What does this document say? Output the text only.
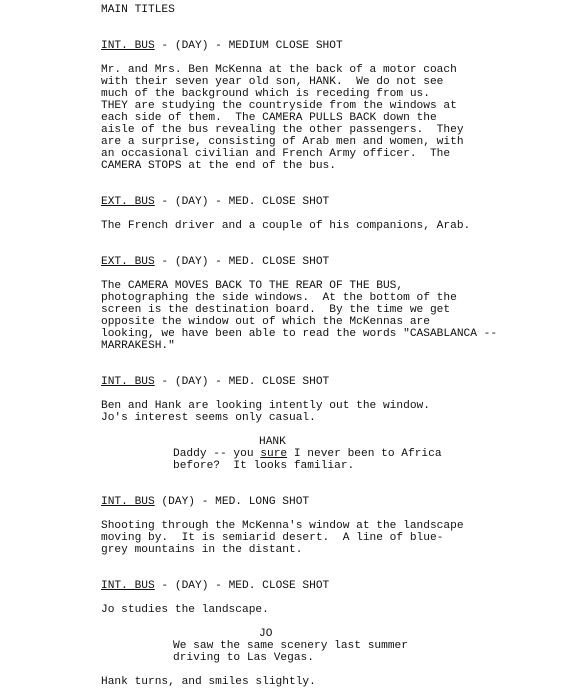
MAIN TITLES
INT. BUS - (DAY) - MEDIUM CLOSE SHOT
Mr. and Mrs. Ben McKenna at the back of a motor coach
with their seven year old son, HANK.  We do not see
much of the background which is receding from us.
THEY are studying the countryside from the windows at
each side of them.  The CAMERA PULLS BACK down the
aisle of the bus revealing the other passengers.  They
are a surprise, consisting of Arab men and women, with
an occasional civilian and French Army officer.  The
CAMERA STOPS at the end of the bus.
EXT. BUS - (DAY) - MED. CLOSE SHOT
The French driver and a couple of his companions, Arab.
EXT. BUS - (DAY) - MED. CLOSE SHOT
The CAMERA MOVES BACK TO THE REAR OF THE BUS,
photographing the side windows.  At the bottom of the
screen is the destination board.  By the time we get
opposite the window out of which the McKennas are
looking, we have been able to read the words "CASABLANCA --
MARRAKESH."
INT. BUS - (DAY) - MED. CLOSE SHOT
Ben and Hank are looking intently out the window.
Jo's interest seems only casual.
HANK
Daddy -- you sure I never been to Africa
before?  It looks familiar.
INT. BUS (DAY) - MED. LONG SHOT
Shooting through the McKenna's window at the landscape
moving by.  It is semiarid desert.  A line of blue-
grey mountains in the distant.
INT. BUS - (DAY) - MED. CLOSE SHOT
Jo studies the landscape.
JO
We saw the same scenery last summer
driving to Las Vegas.
Hank turns, and smiles slightly.
